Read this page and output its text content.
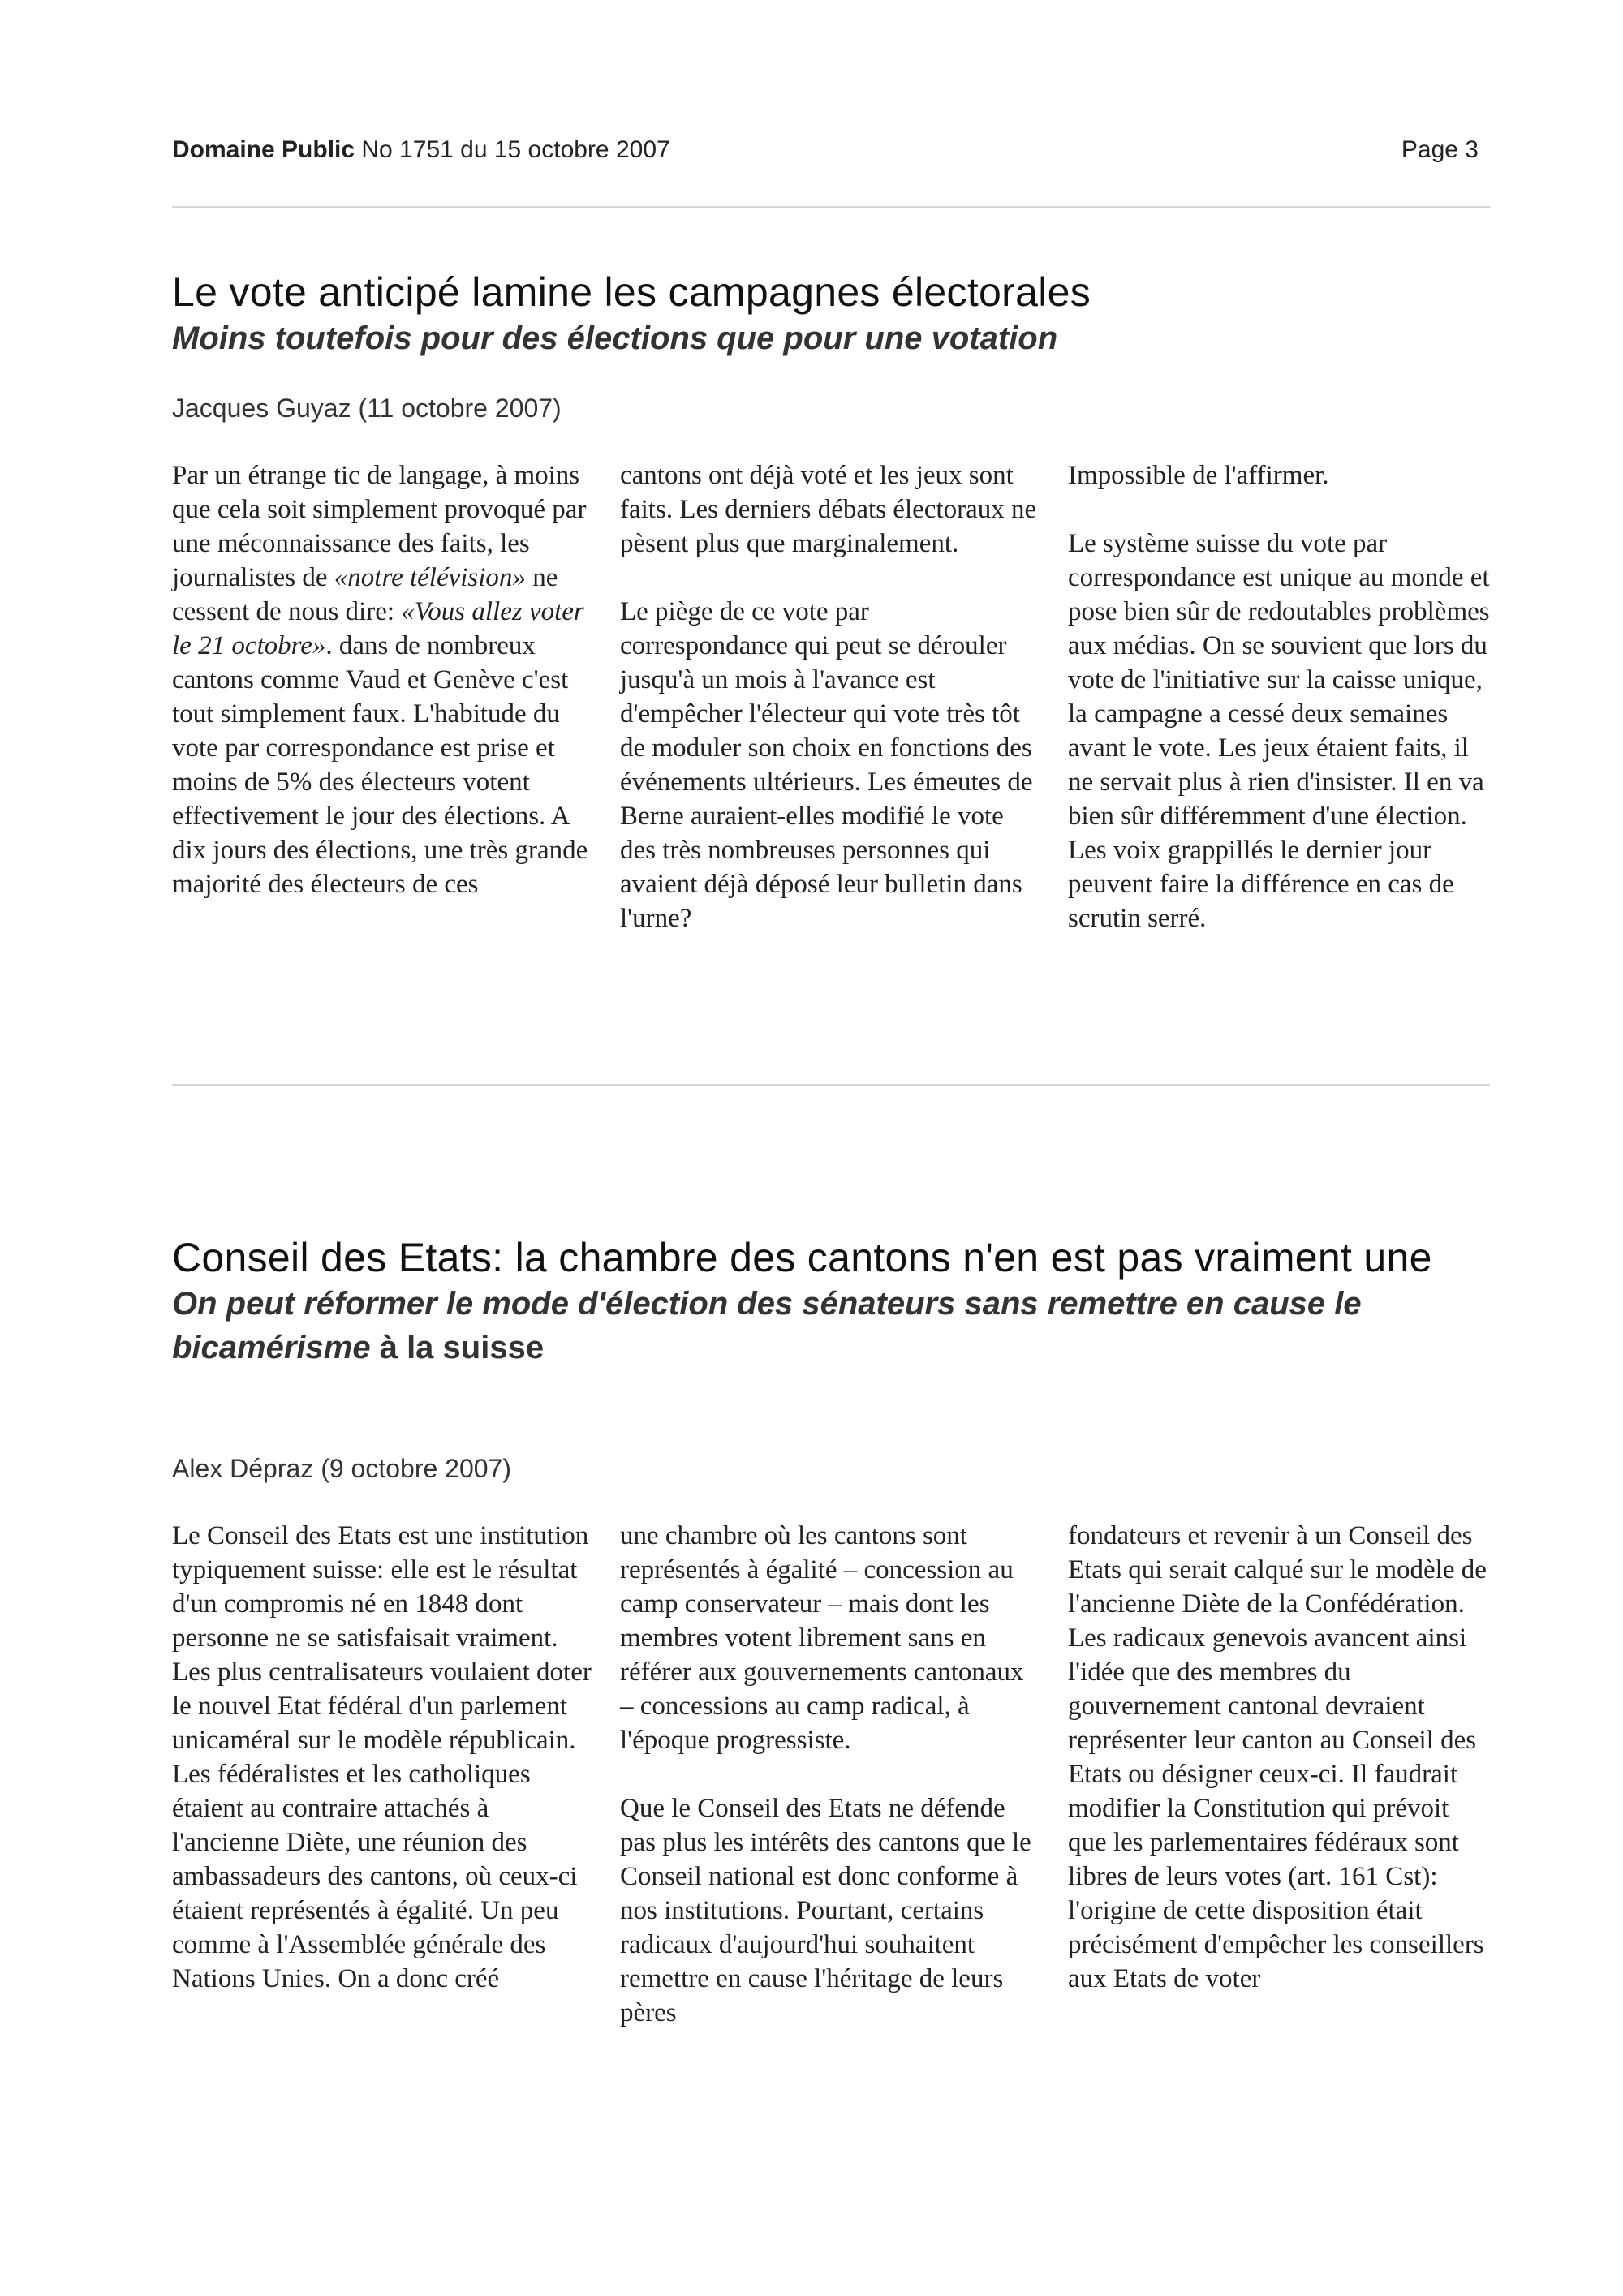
Domaine Public No 1751 du 15 octobre 2007	Page 3
Le vote anticipé lamine les campagnes électorales
Moins toutefois pour des élections que pour une votation
Jacques Guyaz (11 octobre 2007)

Par un étrange tic de langage, à moins que cela soit simplement provoqué par une méconnaissance des faits, les journalistes de «notre télévision» ne cessent de nous dire: «Vous allez voter le 21 octobre». dans de nombreux cantons comme Vaud et Genève c'est tout simplement faux. L'habitude du vote par correspondance est prise et moins de 5% des électeurs votent effectivement le jour des élections. A dix jours des élections, une très grande majorité des électeurs de ces

cantons ont déjà voté et les jeux sont faits. Les derniers débats électoraux ne pèsent plus que marginalement.

Le piège de ce vote par correspondance qui peut se dérouler jusqu'à un mois à l'avance est d'empêcher l'électeur qui vote très tôt de moduler son choix en fonctions des événements ultérieurs. Les émeutes de Berne auraient-elles modifié le vote des très nombreuses personnes qui avaient déjà déposé leur bulletin dans l'urne?

Impossible de l'affirmer.

Le système suisse du vote par correspondance est unique au monde et pose bien sûr de redoutables problèmes aux médias. On se souvient que lors du vote de l'initiative sur la caisse unique, la campagne a cessé deux semaines avant le vote. Les jeux étaient faits, il ne servait plus à rien d'insister. Il en va bien sûr différemment d'une élection. Les voix grappillés le dernier jour peuvent faire la différence en cas de scrutin serré.

Conseil des Etats: la chambre des cantons n'en est pas vraiment une
On peut réformer le mode d'élection des sénateurs sans remettre en cause le bicamérisme à la suisse
Alex Dépraz (9 octobre 2007)

Le Conseil des Etats est une institution typiquement suisse: elle est le résultat d'un compromis né en 1848 dont personne ne se satisfaisait vraiment. Les plus centralisateurs voulaient doter le nouvel Etat fédéral d'un parlement unicaméral sur le modèle républicain. Les fédéralistes et les catholiques étaient au contraire attachés à l'ancienne Diète, une réunion des ambassadeurs des cantons, où ceux-ci étaient représentés à égalité. Un peu comme à l'Assemblée générale des Nations Unies. On a donc créé

une chambre où les cantons sont représentés à égalité – concession au camp conservateur – mais dont les membres votent librement sans en référer aux gouvernements cantonaux – concessions au camp radical, à l'époque progressiste.

Que le Conseil des Etats ne défende pas plus les intérêts des cantons que le Conseil national est donc conforme à nos institutions. Pourtant, certains radicaux d'aujourd'hui souhaitent remettre en cause l'héritage de leurs pères

fondateurs et revenir à un Conseil des Etats qui serait calqué sur le modèle de l'ancienne Diète de la Confédération. Les radicaux genevois avancent ainsi l'idée que des membres du gouvernement cantonal devraient représenter leur canton au Conseil des Etats ou désigner ceux-ci. Il faudrait modifier la Constitution qui prévoit que les parlementaires fédéraux sont libres de leurs votes (art. 161 Cst): l'origine de cette disposition était précisément d'empêcher les conseillers aux Etats de voter
